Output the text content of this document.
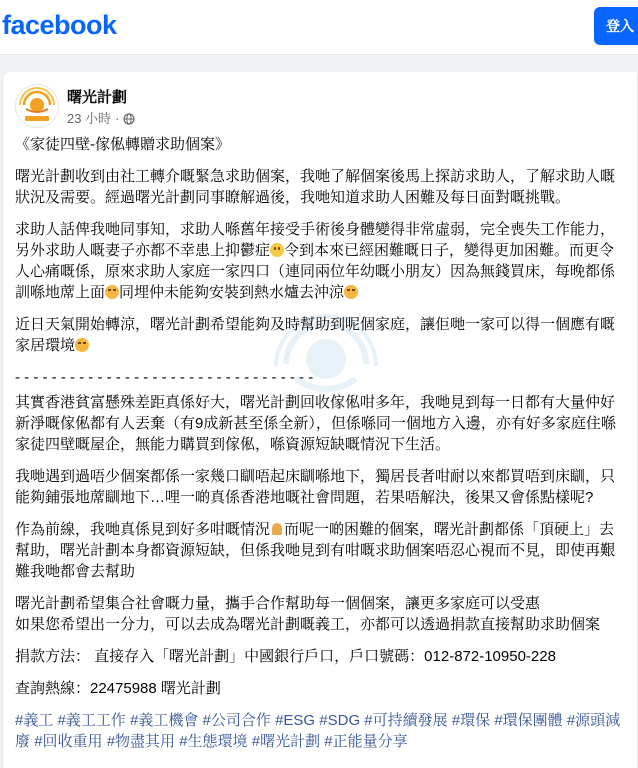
facebook	登入
曙光計劃
23 小時 ·

《家徒四壁-傢俬轉贈求助個案》

曙光計劃收到由社工轉介嘅緊急求助個案，我哋了解個案後馬上探訪求助人，了解求助人嘅狀況及需要。經過曙光計劃同事瞭解過後，我哋知道求助人困難及每日面對嘅挑戰。

求助人話俾我哋同事知，求助人喺舊年接受手術後身體變得非常虛弱，完全喪失工作能力，另外求助人嘅妻子亦都不幸患上抑鬱症 令到本來已經困難嘅日子，變得更加困難。而更令人心痛嘅係，原來求助人家庭一家四口（連同兩位年幼嘅小朋友）因為無錢買床，每晚都係訓喺地蓆上面 同埋仲未能夠安裝到熱水爐去沖涼

近日天氣開始轉涼，曙光計劃希望能夠及時幫助到呢個家庭，讓佢哋一家可以得一個應有嘅家居環境

- - - - - - - - - - - - - - - - - - - - - - - - - - - - - - - - -

其實香港貧富懸殊差距真係好大，曙光計劃回收傢俬咁多年，我哋見到每一日都有大量仲好新淨嘅傢俬都有人丟棄（有9成新甚至係全新），但係喺同一個地方入邊，亦有好多家庭住喺家徒四壁嘅屋企，無能力購買到傢俬，喺資源短缺嘅情況下生活。

我哋遇到過唔少個案都係一家幾口瞓唔起床瞓喺地下，獨居長者咁耐以來都買唔到床瞓，只能夠鋪張地蓆瞓地下…哩一啲真係香港地嘅社會問題，若果唔解決，後果又會係點樣呢?

作為前線，我哋真係見到好多咁嘅情況 而呢一啲困難的個案，曙光計劃都係「頂硬上」去幫助，曙光計劃本身都資源短缺，但係我哋見到有咁嘅求助個案唔忍心視而不見，即使再艱難我哋都會去幫助

曙光計劃希望集合社會嘅力量，攜手合作幫助每一個個案，讓更多家庭可以受惠
如果您希望出一分力，可以去成為曙光計劃嘅義工，亦都可以透過捐款直接幫助求助個案

捐款方法： 直接存入「曙光計劃」中國銀行戶口，戶口號碼：012-872-10950-228

查詢熱線：22475988 曙光計劃

#義工 #義工工作 #義工機會 #公司合作 #ESG #SDG #可持續發展 #環保 #環保團體 #源頭減廢 #回收重用 #物盡其用 #生態環境 #曙光計劃 #正能量分享
